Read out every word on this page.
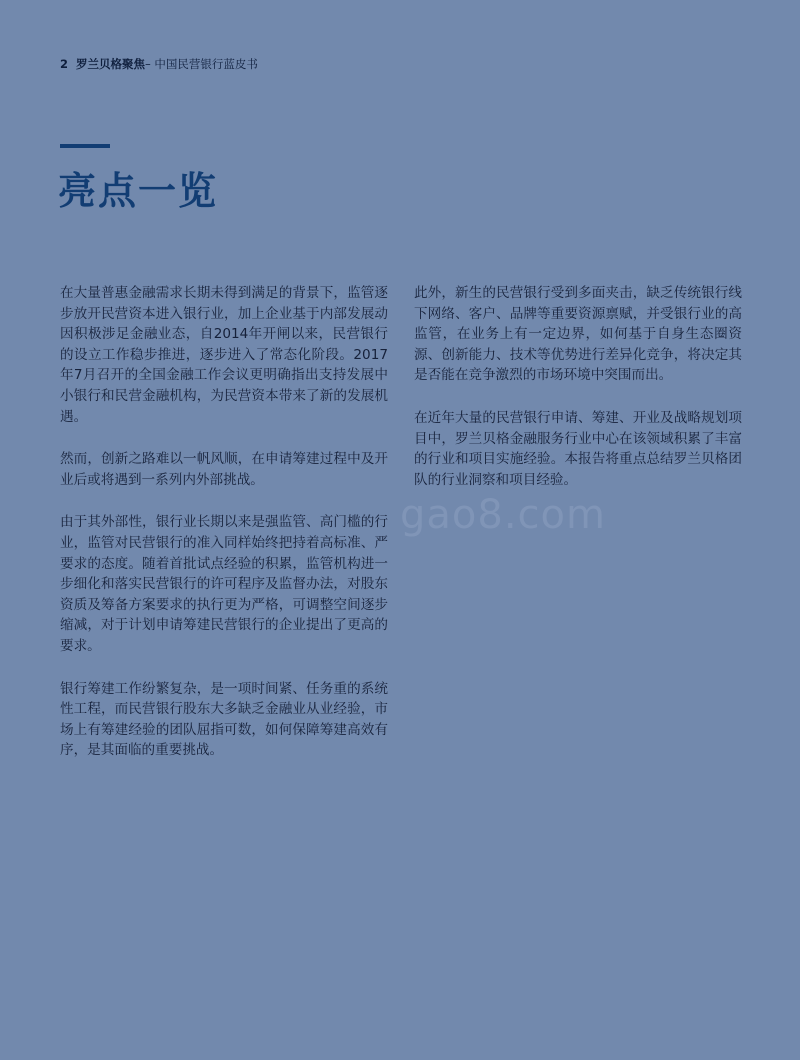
2 罗兰贝格聚焦– 中国民营银行蓝皮书
亮点一览
gao8.com

在大量普惠金融需求长期未得到满足的背景下，监管逐步放开民营资本进入银行业，加上企业基于内部发展动因积极涉足金融业态，自2014年开闸以来，民营银行的设立工作稳步推进，逐步进入了常态化阶段。2017年7月召开的全国金融工作会议更明确指出支持发展中小银行和民营金融机构，为民营资本带来了新的发展机遇。

然而，创新之路难以一帆风顺，在申请筹建过程中及开业后或将遇到一系列内外部挑战。

由于其外部性，银行业长期以来是强监管、高门槛的行业，监管对民营银行的准入同样始终把持着高标准、严要求的态度。随着首批试点经验的积累，监管机构进一步细化和落实民营银行的许可程序及监督办法，对股东资质及筹备方案要求的执行更为严格，可调整空间逐步缩减，对于计划申请筹建民营银行的企业提出了更高的要求。

银行筹建工作纷繁复杂，是一项时间紧、任务重的系统性工程，而民营银行股东大多缺乏金融业从业经验，市场上有筹建经验的团队屈指可数，如何保障筹建高效有序，是其面临的重要挑战。

此外，新生的民营银行受到多面夹击，缺乏传统银行线下网络、客户、品牌等重要资源禀赋，并受银行业的高监管，在业务上有一定边界，如何基于自身生态圈资源、创新能力、技术等优势进行差异化竞争，将决定其是否能在竞争激烈的市场环境中突围而出。

在近年大量的民营银行申请、筹建、开业及战略规划项目中，罗兰贝格金融服务行业中心在该领域积累了丰富的行业和项目实施经验。本报告将重点总结罗兰贝格团队的行业洞察和项目经验。
